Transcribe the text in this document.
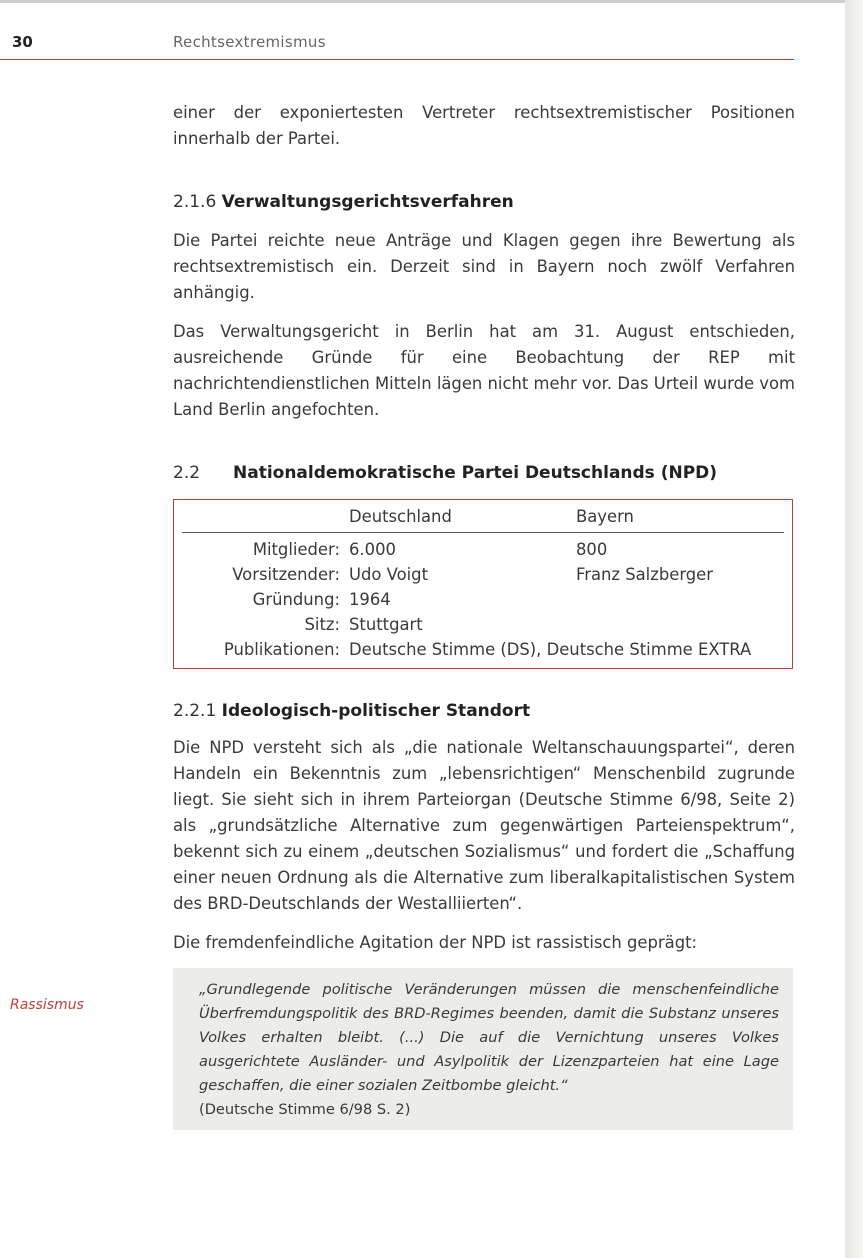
30	Rechtsextremismus
Rassismus

einer der exponiertesten Vertreter rechtsextremistischer Positionen innerhalb der Partei.

2.1.6 Verwaltungsgerichtsverfahren

Die Partei reichte neue Anträge und Klagen gegen ihre Bewertung als rechtsextremistisch ein. Derzeit sind in Bayern noch zwölf Verfahren anhängig.

Das Verwaltungsgericht in Berlin hat am 31. August entschieden, ausreichende Gründe für eine Beobachtung der REP mit nachrichtendienstlichen Mitteln lägen nicht mehr vor. Das Urteil wurde vom Land Berlin angefochten.

2.2 Nationaldemokratische Partei Deutschlands (NPD)
Deutschland	Bayern
Mitglieder: 6.000	800
Vorsitzender: Udo Voigt	Franz Salzberger
Gründung: 1964
Sitz: Stuttgart
Publikationen: Deutsche Stimme (DS), Deutsche Stimme EXTRA
2.2.1 Ideologisch-politischer Standort

Die NPD versteht sich als „die nationale Weltanschauungspartei“, deren Handeln ein Bekenntnis zum „lebensrichtigen“ Menschenbild zugrunde liegt. Sie sieht sich in ihrem Parteiorgan (Deutsche Stimme 6/98, Seite 2) als „grundsätzliche Alternative zum gegenwärtigen Parteienspektrum“, bekennt sich zu einem „deutschen Sozialismus“ und fordert die „Schaffung einer neuen Ordnung als die Alternative zum liberalkapitalistischen System des BRD-Deutschlands der Westalliierten“.

Die fremdenfeindliche Agitation der NPD ist rassistisch geprägt:

„Grundlegende politische Veränderungen müssen die menschenfeindliche Überfremdungspolitik des BRD-Regimes beenden, damit die Substanz unseres Volkes erhalten bleibt. (...) Die auf die Vernichtung unseres Volkes ausgerichtete Ausländer- und Asylpolitik der Lizenzparteien hat eine Lage geschaffen, die einer sozialen Zeitbombe gleicht.“
(Deutsche Stimme 6/98 S. 2)
